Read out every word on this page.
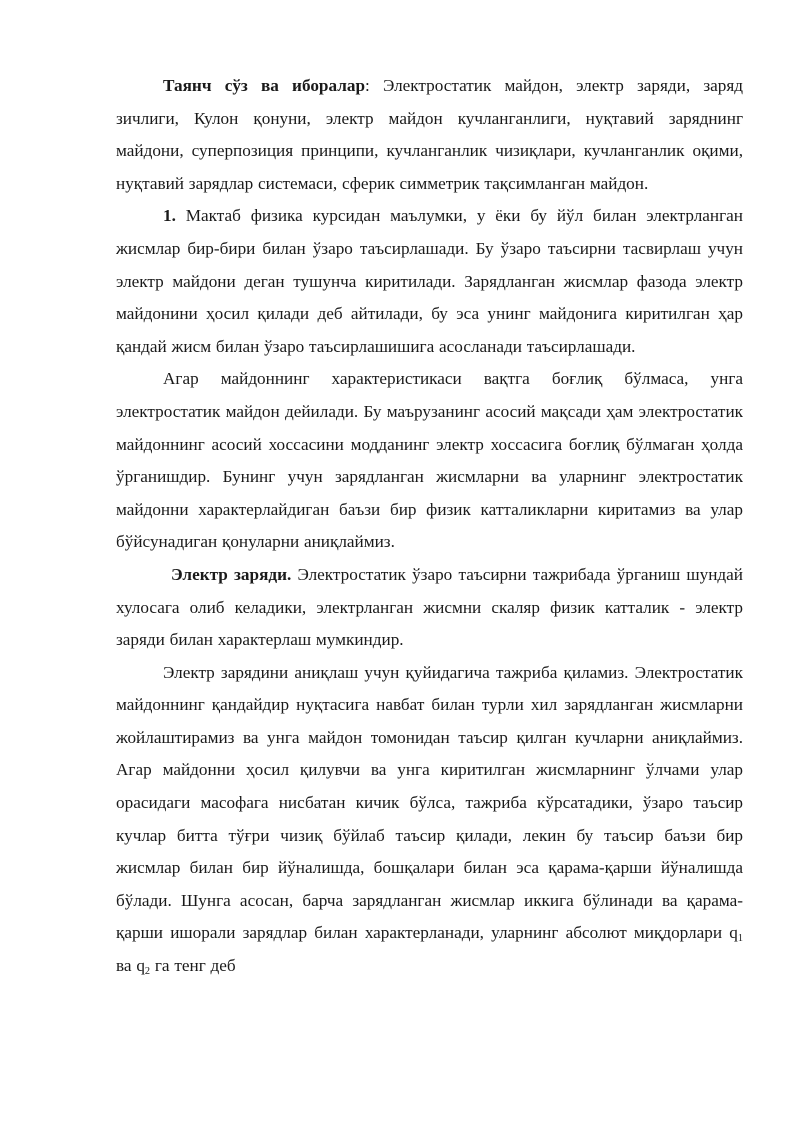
Таянч сўз ва иборалар: Электростатик майдон, электр заряди, заряд зичлиги, Кулон қонуни, электр майдон кучланганлиги, нуқтавий заряднинг майдони, суперпозиция принципи, кучланганлик чизиқлари, кучланганлик оқими, нуқтавий зарядлар системаси, сферик симметрик тақсимланган майдон.

1. Мактаб физика курсидан маълумки, у ёки бу йўл билан электрланган жисмлар бир-бири билан ўзаро таъсирлашади. Бу ўзаро таъсирни тасвирлаш учун электр майдони деган тушунча киритилади. Зарядланган жисмлар фазода электр майдонини ҳосил қилади деб айтилади, бу эса унинг майдонига киритилган ҳар қандай жисм билан ўзаро таъсирлашишига асосланади таъсирлашади.

Агар майдоннинг характеристикаси вақтга боғлиқ бўлмаса, унга электростатик майдон дейилади. Бу маърузанинг асосий мақсади ҳам электростатик майдоннинг асосий хоссасини модданинг электр хоссасига боғлиқ бўлмаган ҳолда ўрганишдир. Бунинг учун зарядланган жисмларни ва уларнинг электростатик майдонни характерлайдиган баъзи бир физик катталикларни киритамиз ва улар бўйсунадиган қонуларни аниқлаймиз.

Электр заряди. Электростатик ўзаро таъсирни тажрибада ўрганиш шундай хулосага олиб келадики, электрланган жисмни скаляр физик катталик - электр заряди билан характерлаш мумкиндир.

Электр зарядини аниқлаш учун қуйидагича тажриба қиламиз. Электростатик майдоннинг қандайдир нуқтасига навбат билан турли хил зарядланган жисмларни жойлаштирамиз ва унга майдон томонидан таъсир қилган кучларни аниқлаймиз. Агар майдонни ҳосил қилувчи ва унга киритилган жисмларнинг ўлчами улар орасидаги масофага нисбатан кичик бўлса, тажриба кўрсатадики, ўзаро таъсир кучлар битта тўғри чизиқ бўйлаб таъсир қилади, лекин бу таъсир баъзи бир жисмлар билан бир йўналишда, бошқалари билан эса қарама-қарши йўналишда бўлади. Шунга асосан, барча зарядланган жисмлар иккига бўлинади ва қарама-қарши ишорали зарядлар билан характерланади, уларнинг абсолют миқдорлари $q_1$ ва $q_2$ га тенг деб
